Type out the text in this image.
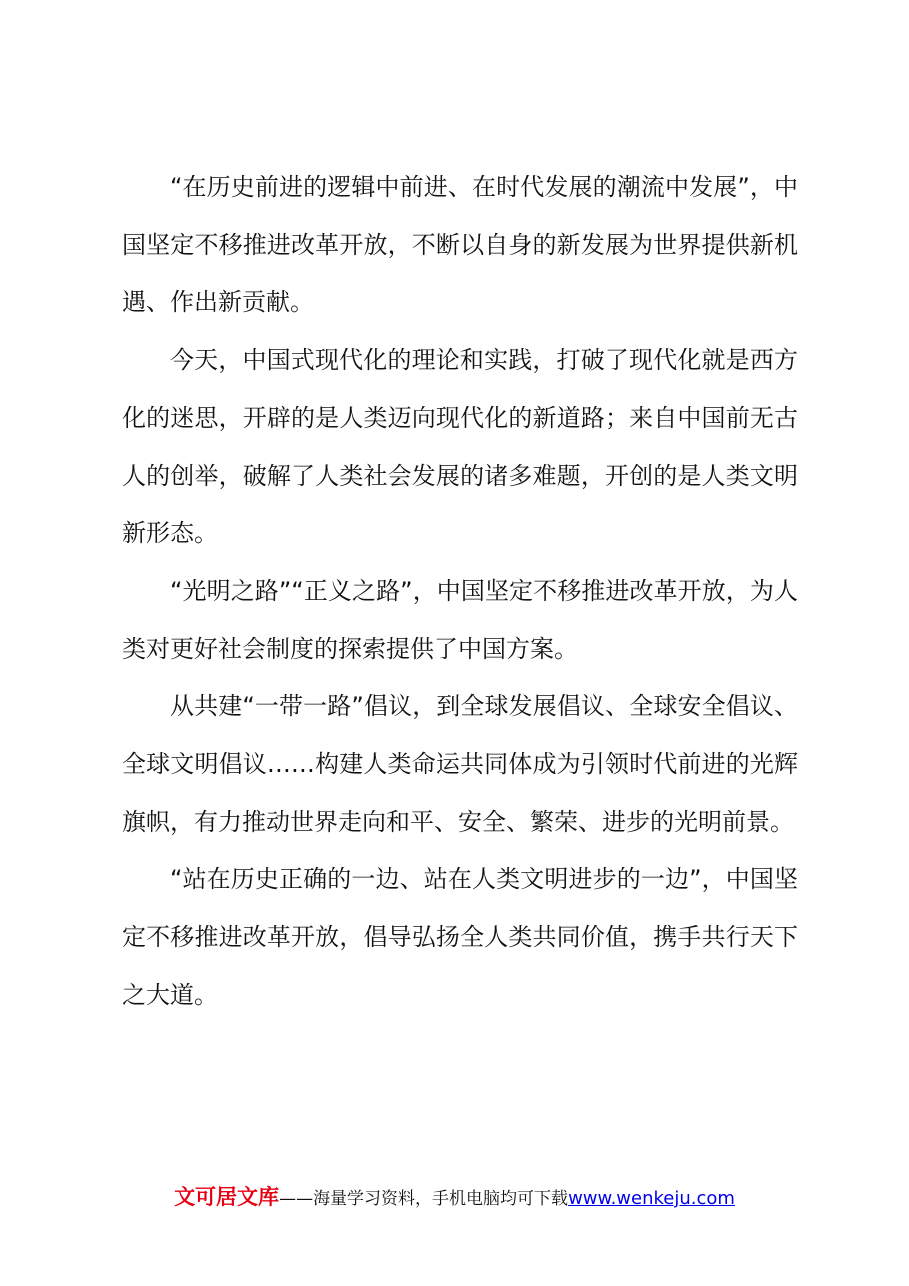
“在历史前进的逻辑中前进、在时代发展的潮流中发展”，中国坚定不移推进改革开放，不断以自身的新发展为世界提供新机遇、作出新贡献。

今天，中国式现代化的理论和实践，打破了现代化就是西方化的迷思，开辟的是人类迈向现代化的新道路；来自中国前无古人的创举，破解了人类社会发展的诸多难题，开创的是人类文明新形态。

“光明之路”“正义之路”，中国坚定不移推进改革开放，为人类对更好社会制度的探索提供了中国方案。

从共建“一带一路”倡议，到全球发展倡议、全球安全倡议、全球文明倡议……构建人类命运共同体成为引领时代前进的光辉旗帜，有力推动世界走向和平、安全、繁荣、进步的光明前景。

“站在历史正确的一边、站在人类文明进步的一边”，中国坚定不移推进改革开放，倡导弘扬全人类共同价值，携手共行天下之大道。

文可居文库——海量学习资料，手机电脑均可下载www.wenkeju.com
